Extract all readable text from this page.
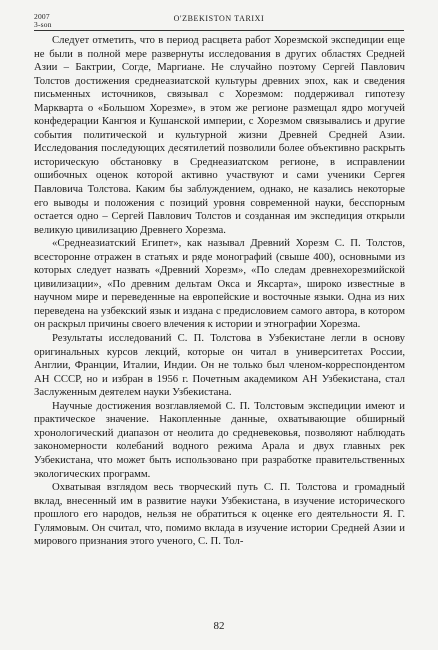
2007
3-son
O'ZBEKISTON TARIXI

Следует отметить, что в период расцвета работ Хорезмской экспедиции еще не были в полной мере развернуты исследования в других областях Средней Азии – Бактрии, Согде, Маргиане. Не случайно поэтому Сергей Павлович Толстов достижения среднеазиатской культуры древних эпох, как и сведения письменных источников, связывал с Хорезмом: поддерживал гипотезу Маркварта о «Большом Хорезме», в этом же регионе размещал ядро могучей конфедерации Кангюя и Кушанской империи, с Хорезмом связывались и другие события политической и культурной жизни Древней Средней Азии. Исследования последующих десятилетий позволили более объективно раскрыть историческую обстановку в Среднеазиатском регионе, в исправлении ошибочных оценок которой активно участвуют и сами ученики Сергея Павловича Толстова. Каким бы заблуждением, однако, не казались некоторые его выводы и положения с позиций уровня современной науки, бесспорным остается одно – Сергей Павлович Толстов и созданная им экспедиция открыли великую цивилизацию Древнего Хорезма.

«Среднеазиатский Египет», как называл Древний Хорезм С. П. Толстов, всесторонне отражен в статьях и ряде монографий (свыше 400), основными из которых следует назвать «Древний Хорезм», «По следам древнехорезмийской цивилизации», «По древним дельтам Окса и Яксарта», широко известные в научном мире и переведенные на европейские и восточные языки. Одна из них переведена на узбекский язык и издана с предисловием самого автора, в котором он раскрыл причины своего влечения к истории и этнографии Хорезма.

Результаты исследований С. П. Толстова в Узбекистане легли в основу оригинальных курсов лекций, которые он читал в университетах России, Англии, Франции, Италии, Индии. Он не только был членом-корреспондентом АН СССР, но и избран в 1956 г. Почетным академиком АН Узбекистана, стал Заслуженным деятелем науки Узбекистана.

Научные достижения возглавляемой С. П. Толстовым экспедиции имеют и практическое значение. Накопленные данные, охватывающие обширный хронологический диапазон от неолита до средневековья, позволяют наблюдать закономерности колебаний водного режима Арала и двух главных рек Узбекистана, что может быть использовано при разработке правительственных экологических программ.

Охватывая взглядом весь творческий путь С. П. Толстова и громадный вклад, внесенный им в развитие науки Узбекистана, в изучение исторического прошлого его народов, нельзя не обратиться к оценке его деятельности Я. Г. Гулямовым. Он считал, что, помимо вклада в изучение истории Средней Азии и мирового признания этого ученого, С. П. Тол-

82
